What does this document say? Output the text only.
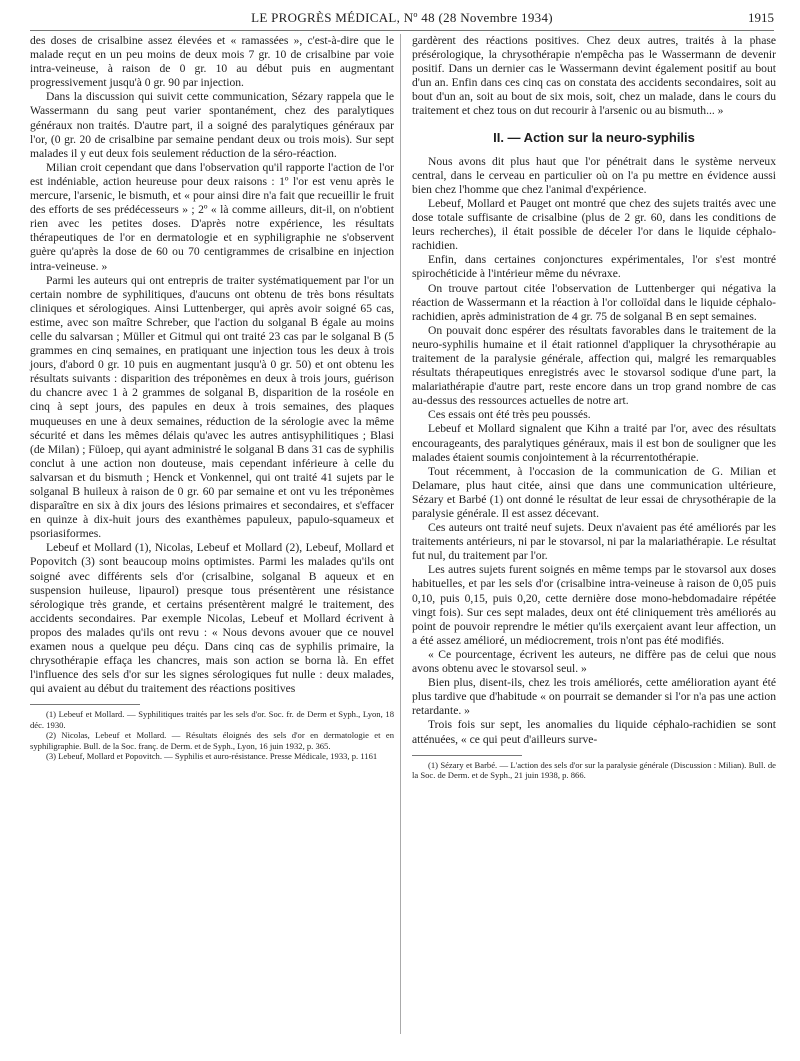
LE PROGRÈS MÉDICAL, Nº 48 (28 Novembre 1934)	1915

des doses de crisalbine assez élevées et « ramassées », c'est-à-dire que le malade reçut en un peu moins de deux mois 7 gr. 10 de crisalbine par voie intra-veineuse, à raison de 0 gr. 10 au début puis en augmentant progressivement jusqu'à 0 gr. 90 par injection.

Dans la discussion qui suivit cette communication, Sézary rappela que le Wassermann du sang peut varier spontanément, chez des paralytiques généraux non traités. D'autre part, il a soigné des paralytiques généraux par l'or, (0 gr. 20 de crisalbine par semaine pendant deux ou trois mois). Sur sept malades il y eut deux fois seulement réduction de la séro-réaction.

Milian croit cependant que dans l'observation qu'il rapporte l'action de l'or est indéniable, action heureuse pour deux raisons : 1º l'or est venu après le mercure, l'arsenic, le bismuth, et « pour ainsi dire n'a fait que recueillir le fruit des efforts de ses prédécesseurs » ; 2º « là comme ailleurs, dit-il, on n'obtient rien avec les petites doses. D'après notre expérience, les résultats thérapeutiques de l'or en dermatologie et en syphiligraphie ne s'observent guère qu'après la dose de 60 ou 70 centigrammes de crisalbine en injection intra-veineuse. »

Parmi les auteurs qui ont entrepris de traiter systématiquement par l'or un certain nombre de syphilitiques, d'aucuns ont obtenu de très bons résultats cliniques et sérologiques. Ainsi Luttenberger, qui après avoir soigné 65 cas, estime, avec son maître Schreber, que l'action du solganal B égale au moins celle du salvarsan ; Müller et Gitmul qui ont traité 23 cas par le solganal B (5 grammes en cinq semaines, en pratiquant une injection tous les deux à trois jours, d'abord 0 gr. 10 puis en augmentant jusqu'à 0 gr. 50) et ont obtenu les résultats suivants : disparition des tréponèmes en deux à trois jours, guérison du chancre avec 1 à 2 grammes de solganal B, disparition de la roséole en cinq à sept jours, des papules en deux à trois semaines, des plaques muqueuses en une à deux semaines, réduction de la sérologie avec la même sécurité et dans les mêmes délais qu'avec les autres antisyphilitiques ; Blasi (de Milan) ; Füloep, qui ayant administré le solganal B dans 31 cas de syphilis conclut à une action non douteuse, mais cependant inférieure à celle du salvarsan et du bismuth ; Henck et Vonkennel, qui ont traité 41 sujets par le solganal B huileux à raison de 0 gr. 60 par semaine et ont vu les tréponèmes disparaître en six à dix jours des lésions primaires et secondaires, et s'effacer en quinze à dix-huit jours des exanthèmes papuleux, papulo-squameux et psoriasiformes.

Lebeuf et Mollard (1), Nicolas, Lebeuf et Mollard (2), Lebeuf, Mollard et Popovitch (3) sont beaucoup moins optimistes. Parmi les malades qu'ils ont soigné avec différents sels d'or (crisalbine, solganal B aqueux et en suspension huileuse, lipaurol) presque tous présentèrent une résistance sérologique très grande, et certains présentèrent malgré le traitement, des accidents secondaires. Par exemple Nicolas, Lebeuf et Mollard écrivent à propos des malades qu'ils ont revu : « Nous devons avouer que ce nouvel examen nous a quelque peu déçu. Dans cinq cas de syphilis primaire, la chrysothérapie effaça les chancres, mais son action se borna là. En effet l'influence des sels d'or sur les signes sérologiques fut nulle : deux malades, qui avaient au début du traitement des réactions positives

(1) Lebeuf et Mollard. — Syphilitiques traités par les sels d'or. Soc. fr. de Derm et Syph., Lyon, 18 déc. 1930.

(2) Nicolas, Lebeuf et Mollard. — Résultats éloignés des sels d'or en dermatologie et en syphiligraphie. Bull. de la Soc. franç. de Derm. et de Syph., Lyon, 16 juin 1932, p. 365.

(3) Lebeuf, Mollard et Popovitch. — Syphilis et auro-résistance. Presse Médicale, 1933, p. 1161

gardèrent des réactions positives. Chez deux autres, traités à la phase présérologique, la chrysothérapie n'empêcha pas le Wassermann de devenir positif. Dans un dernier cas le Wassermann devint également positif au bout d'un an. Enfin dans ces cinq cas on constata des accidents secondaires, soit au bout d'un an, soit au bout de six mois, soit, chez un malade, dans le cours du traitement et chez tous on dut recourir à l'arsenic ou au bismuth... »

II. — Action sur la neuro-syphilis

Nous avons dit plus haut que l'or pénétrait dans le système nerveux central, dans le cerveau en particulier où on l'a pu mettre en évidence aussi bien chez l'homme que chez l'animal d'expérience.

Lebeuf, Mollard et Pauget ont montré que chez des sujets traités avec une dose totale suffisante de crisalbine (plus de 2 gr. 60, dans les conditions de leurs recherches), il était possible de déceler l'or dans le liquide céphalo-rachidien.

Enfin, dans certaines conjonctures expérimentales, l'or s'est montré spirochéticide à l'intérieur même du névraxe.

On trouve partout citée l'observation de Luttenberger qui négativa la réaction de Wassermann et la réaction à l'or colloïdal dans le liquide céphalo-rachidien, après administration de 4 gr. 75 de solganal B en sept semaines.

On pouvait donc espérer des résultats favorables dans le traitement de la neuro-syphilis humaine et il était rationnel d'appliquer la chrysothérapie au traitement de la paralysie générale, affection qui, malgré les remarquables résultats thérapeutiques enregistrés avec le stovarsol sodique d'une part, la malariathérapie d'autre part, reste encore dans un trop grand nombre de cas au-dessus des ressources actuelles de notre art.

Ces essais ont été très peu poussés.

Lebeuf et Mollard signalent que Kihn a traité par l'or, avec des résultats encourageants, des paralytiques généraux, mais il est bon de souligner que les malades étaient soumis conjointement à la récurrentothérapie.

Tout récemment, à l'occasion de la communication de G. Milian et Delamare, plus haut citée, ainsi que dans une communication ultérieure, Sézary et Barbé (1) ont donné le résultat de leur essai de chrysothérapie de la paralysie générale. Il est assez décevant.

Ces auteurs ont traité neuf sujets. Deux n'avaient pas été améliorés par les traitements antérieurs, ni par le stovarsol, ni par la malariathérapie. Le résultat fut nul, du traitement par l'or.

Les autres sujets furent soignés en même temps par le stovarsol aux doses habituelles, et par les sels d'or (crisalbine intra-veineuse à raison de 0,05 puis 0,10, puis 0,15, puis 0,20, cette dernière dose mono-hebdomadaire répétée vingt fois). Sur ces sept malades, deux ont été cliniquement très améliorés au point de pouvoir reprendre le métier qu'ils exerçaient avant leur affection, un a été assez amélioré, un médiocrement, trois n'ont pas été modifiés.

« Ce pourcentage, écrivent les auteurs, ne diffère pas de celui que nous avons obtenu avec le stovarsol seul. »

Bien plus, disent-ils, chez les trois améliorés, cette amélioration ayant été plus tardive que d'habitude « on pourrait se demander si l'or n'a pas une action retardante. »

Trois fois sur sept, les anomalies du liquide céphalo-rachidien se sont atténuées, « ce qui peut d'ailleurs surve-

(1) Sézary et Barbé. — L'action des sels d'or sur la paralysie générale (Discussion : Milian). Bull. de la Soc. de Derm. et de Syph., 21 juin 1938, p. 866.
